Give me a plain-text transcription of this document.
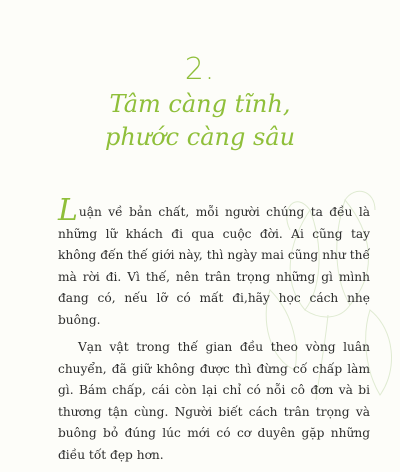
2.
Tâm càng tĩnh,
phước càng sâu

Luận về bản chất, mỗi người chúng ta đều là những lữ khách đi qua cuộc đời. Ai cũng tay không đến thế giới này, thì ngày mai cũng như thế mà rời đi. Vì thế, nên trân trọng những gì mình đang có, nếu lỡ có mất đi,hãy học cách nhẹ buông.

Vạn vật trong thế gian đều theo vòng luân chuyển, đã giữ không được thì đừng cố chấp làm gì. Bám chấp, cái còn lại chỉ có nỗi cô đơn và bi thương tận cùng. Người biết cách trân trọng và buông bỏ đúng lúc mới có cơ duyên gặp những điều tốt đẹp hơn.
